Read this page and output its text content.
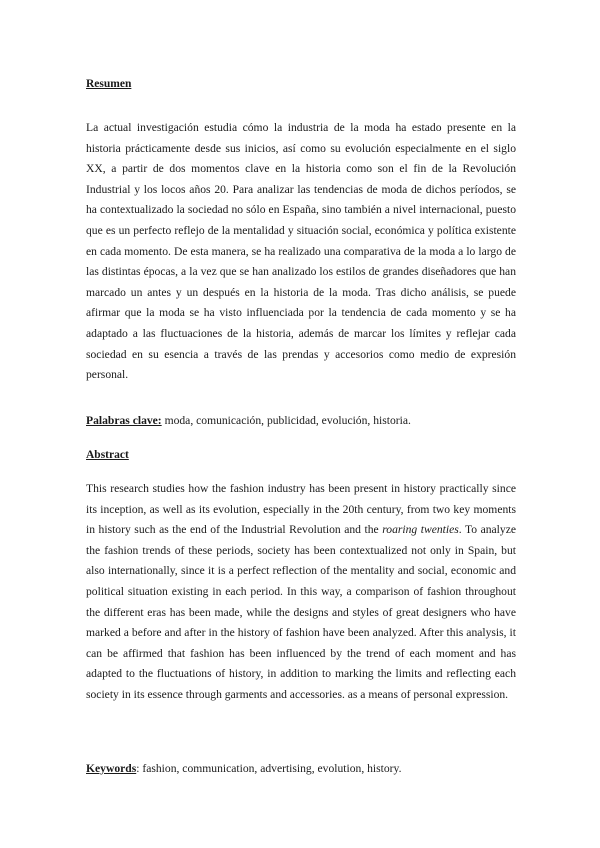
Resumen

La actual investigación estudia cómo la industria de la moda ha estado presente en la historia prácticamente desde sus inicios, así como su evolución especialmente en el siglo XX, a partir de dos momentos clave en la historia como son el fin de la Revolución Industrial y los locos años 20. Para analizar las tendencias de moda de dichos períodos, se ha contextualizado la sociedad no sólo en España, sino también a nivel internacional, puesto que es un perfecto reflejo de la mentalidad y situación social, económica y política existente en cada momento. De esta manera, se ha realizado una comparativa de la moda a lo largo de las distintas épocas, a la vez que se han analizado los estilos de grandes diseñadores que han marcado un antes y un después en la historia de la moda. Tras dicho análisis, se puede afirmar que la moda se ha visto influenciada por la tendencia de cada momento y se ha adaptado a las fluctuaciones de la historia, además de marcar los límites y reflejar cada sociedad en su esencia a través de las prendas y accesorios como medio de expresión personal.

Palabras clave: moda, comunicación, publicidad, evolución, historia.
Abstract

This research studies how the fashion industry has been present in history practically since its inception, as well as its evolution, especially in the 20th century, from two key moments in history such as the end of the Industrial Revolution and the roaring twenties. To analyze the fashion trends of these periods, society has been contextualized not only in Spain, but also internationally, since it is a perfect reflection of the mentality and social, economic and political situation existing in each period. In this way, a comparison of fashion throughout the different eras has been made, while the designs and styles of great designers who have marked a before and after in the history of fashion have been analyzed. After this analysis, it can be affirmed that fashion has been influenced by the trend of each moment and has adapted to the fluctuations of history, in addition to marking the limits and reflecting each society in its essence through garments and accessories. as a means of personal expression.

Keywords: fashion, communication, advertising, evolution, history.
